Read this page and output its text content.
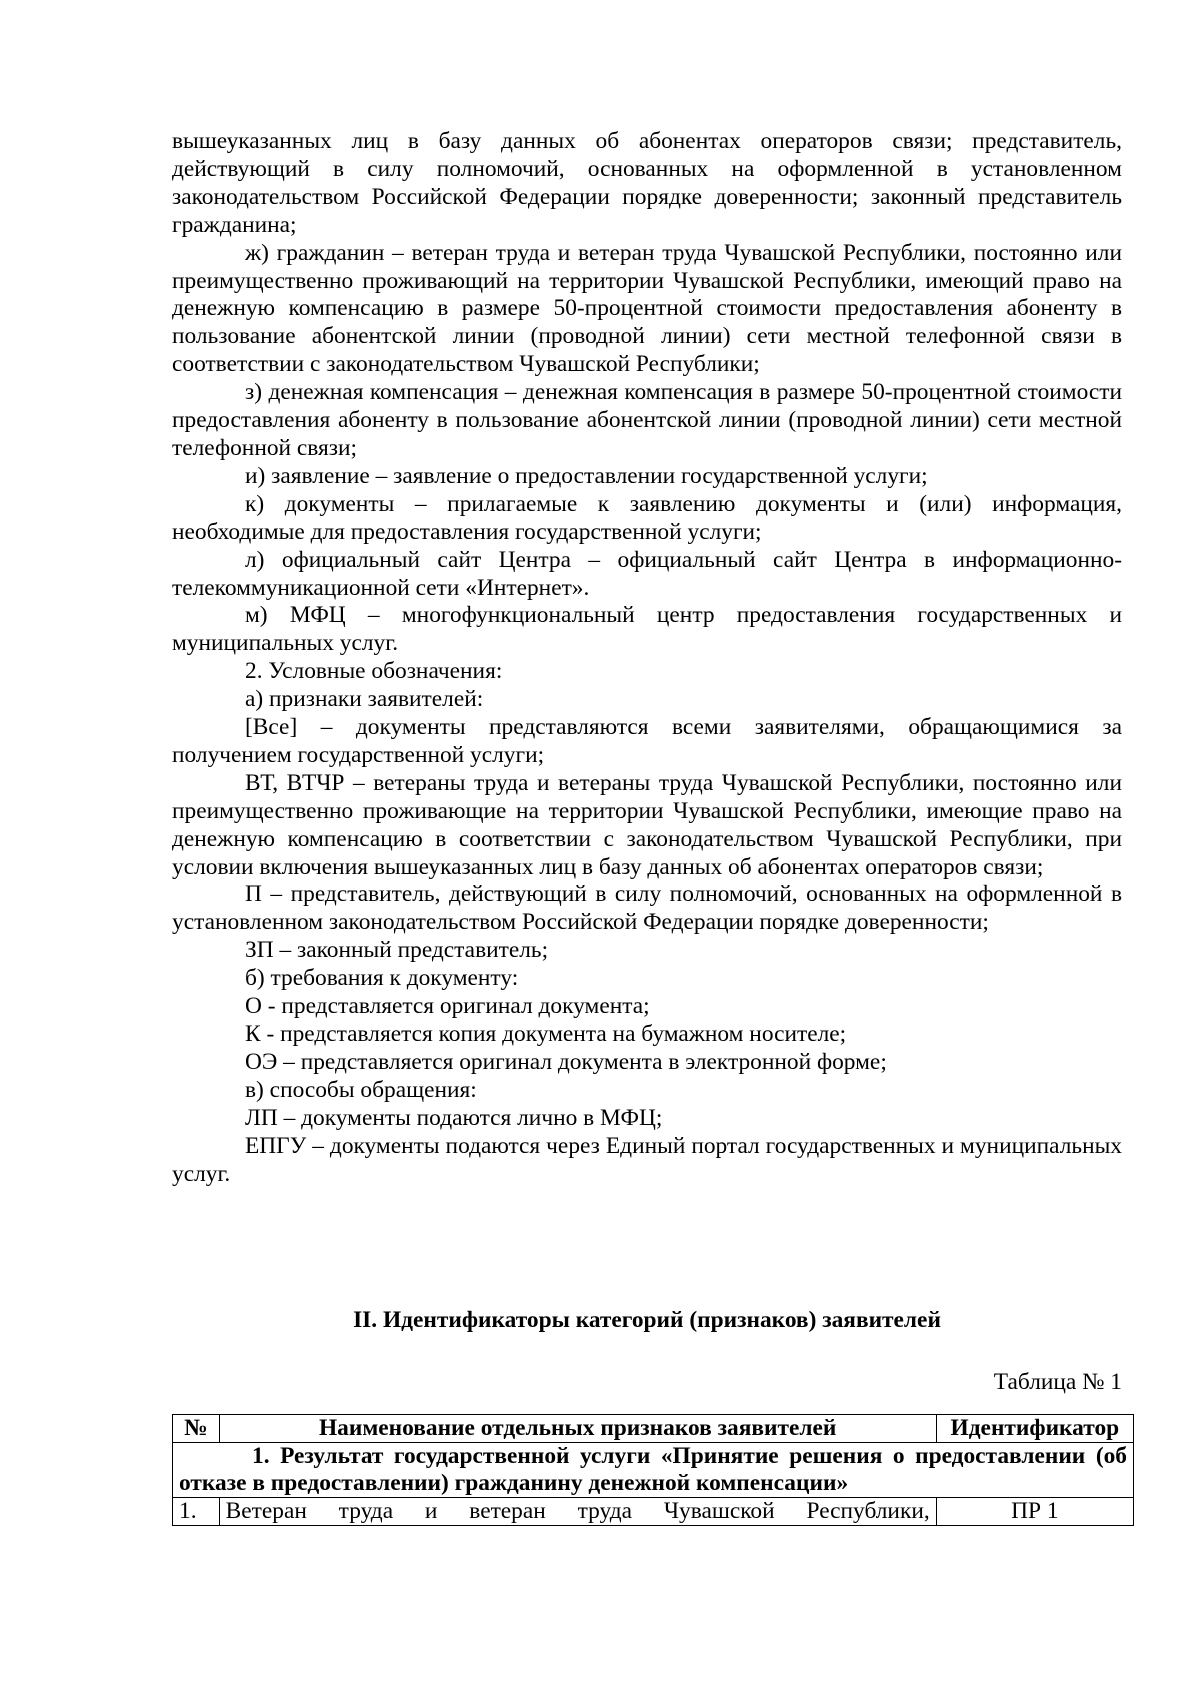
вышеуказанных лиц в базу данных об абонентах операторов связи; представитель, действующий в силу полномочий, основанных на оформленной в установленном законодательством Российской Федерации порядке доверенности; законный представитель гражданина;

ж) гражданин – ветеран труда и ветеран труда Чувашской Республики, постоянно или преимущественно проживающий на территории Чувашской Республики, имеющий право на денежную компенсацию в размере 50-процентной стоимости предоставления абоненту в пользование абонентской линии (проводной линии) сети местной телефонной связи в соответствии с законодательством Чувашской Республики;

з) денежная компенсация – денежная компенсация в размере 50-процентной стоимости предоставления абоненту в пользование абонентской линии (проводной линии) сети местной телефонной связи;

и) заявление – заявление о предоставлении государственной услуги;

к) документы – прилагаемые к заявлению документы и (или) информация, необходимые для предоставления государственной услуги;

л) официальный сайт Центра – официальный сайт Центра в информационно-телекоммуникационной сети «Интернет».

м) МФЦ – многофункциональный центр предоставления государственных и муниципальных услуг.

2. Условные обозначения:

а) признаки заявителей:

[Все] – документы представляются всеми заявителями, обращающимися за получением государственной услуги;

ВТ, ВТЧР – ветераны труда и ветераны труда Чувашской Республики, постоянно или преимущественно проживающие на территории Чувашской Республики, имеющие право на денежную компенсацию в соответствии с законодательством Чувашской Республики, при условии включения вышеуказанных лиц в базу данных об абонентах операторов связи;

П – представитель, действующий в силу полномочий, основанных на оформленной в установленном законодательством Российской Федерации порядке доверенности;

ЗП – законный представитель;

б) требования к документу:

О - представляется оригинал документа;

К - представляется копия документа на бумажном носителе;

ОЭ – представляется оригинал документа в электронной форме;

в) способы обращения:

ЛП – документы подаются лично в МФЦ;

ЕПГУ – документы подаются через Единый портал государственных и муниципальных услуг.

II. Идентификаторы категорий (признаков) заявителей
Таблица № 1
№	Наименование отдельных признаков заявителей	Идентификатор
1. Результат государственной услуги «Принятие решения о предоставлении (об отказе в предоставлении) гражданину денежной компенсации»		
1.	Ветеран труда и ветеран труда Чувашской Республики,	ПР 1
